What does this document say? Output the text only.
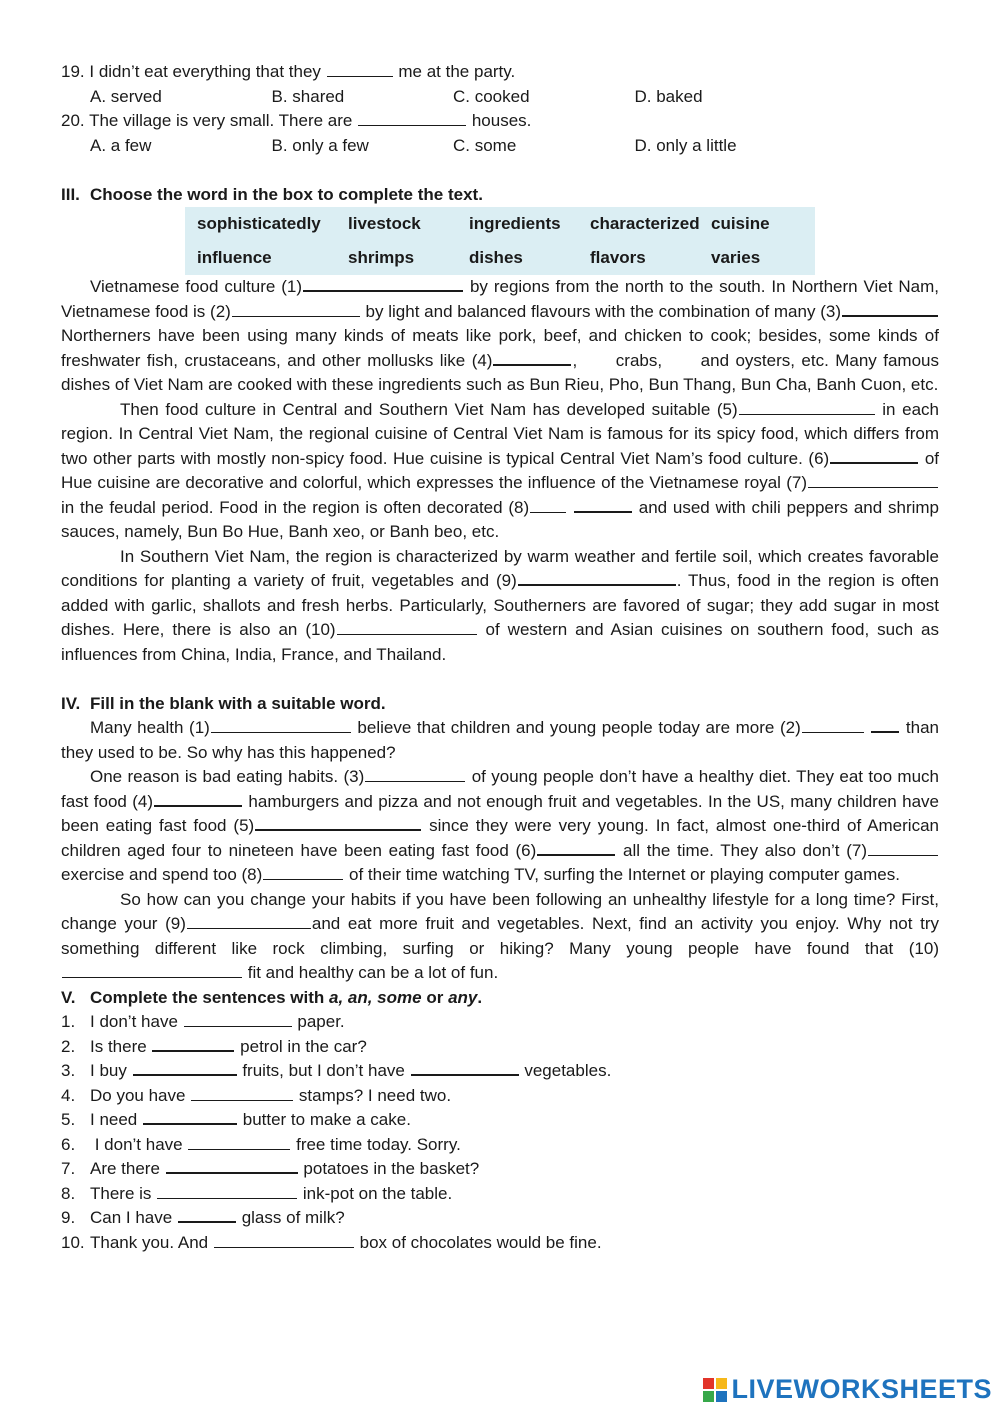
19. I didn’t eat everything that they	me at the party.
A. served	B. shared	C. cooked	D. baked
20. The village is very small. There are	houses.
A. a few	B. only a few	C. some	D. only a little
III. Choose the word in the box to complete the text.
sophisticatedly	livestock	ingredients	characterized cuisine
influence	shrimps	dishes	flavors	varies
Vietnamese food culture (1)	by regions from the north to the south. In Northern Viet Nam, Vietnamese food is (2)	by light and balanced flavours with the combination of many (3) Northerners have been using many kinds of meats like pork, beef, and chicken to cook; besides, some kinds of freshwater fish, crustaceans, and other mollusks like (4)	,      crabs,      and oysters, etc. Many famous dishes of Viet Nam are cooked with these ingredients such as Bun Rieu, Pho, Bun Thang, Bun Cha, Banh Cuon, etc.
Then food culture in Central and Southern Viet Nam has developed suitable (5)	in each region. In Central Viet Nam, the regional cuisine of Central Viet Nam is famous for its spicy food, which differs from two other parts with mostly non-spicy food. Hue cuisine is typical Central Viet Nam’s food culture. (6)	of Hue cuisine are decorative and colorful, which expresses the influence of the Vietnamese royal (7) in the feudal period. Food in the region is often decorated (8)	and used with chili peppers and shrimp sauces, namely, Bun Bo Hue, Banh xeo, or Banh beo, etc.
In Southern Viet Nam, the region is characterized by warm weather and fertile soil, which creates favorable conditions for planting a variety of fruit, vegetables and (9)	. Thus, food in the region is often added with garlic, shallots and fresh herbs. Particularly, Southerners are favored of sugar; they add sugar in most dishes. Here, there is also an (10)	of western and Asian cuisines on southern food, such as influences from China, India, France, and Thailand.
IV. Fill in the blank with a suitable word.
Many health (1)	believe that children and young people today are more (2)	than they used to be. So why has this happened?
One reason is bad eating habits. (3)	of young people don’t have a healthy diet. They eat too much fast food (4)	hamburgers and pizza and not enough fruit and vegetables. In the US, many children have been eating fast food (5)	since they were very young. In fact, almost one-third of American children aged four to nineteen have been eating fast food (6)	all the time. They also don’t (7) exercise and spend too (8)	of their time watching TV, surfing the Internet or playing computer games.
So how can you change your habits if you have been following an unhealthy lifestyle for a long time? First, change your (9)	and eat more fruit and vegetables. Next, find an activity you enjoy. Why not try something different like rock climbing, surfing or hiking? Many young people have found that (10)  fit and healthy can be a lot of fun.
V. Complete the sentences with a, an, some or any.
1. I don’t have	paper.
2. Is there	petrol in the car?
3. I buy	fruits, but I don’t have	vegetables.
4. Do you have	stamps? I need two.
5. I need	butter to make a cake.
6. I don’t have	free time today. Sorry.
7. Are there	potatoes in the basket?
8. There is	ink-pot on the table.
9. Can I have	glass of milk?
10. Thank you. And	box of chocolates would be fine.
LIVEWORKSHEETS
